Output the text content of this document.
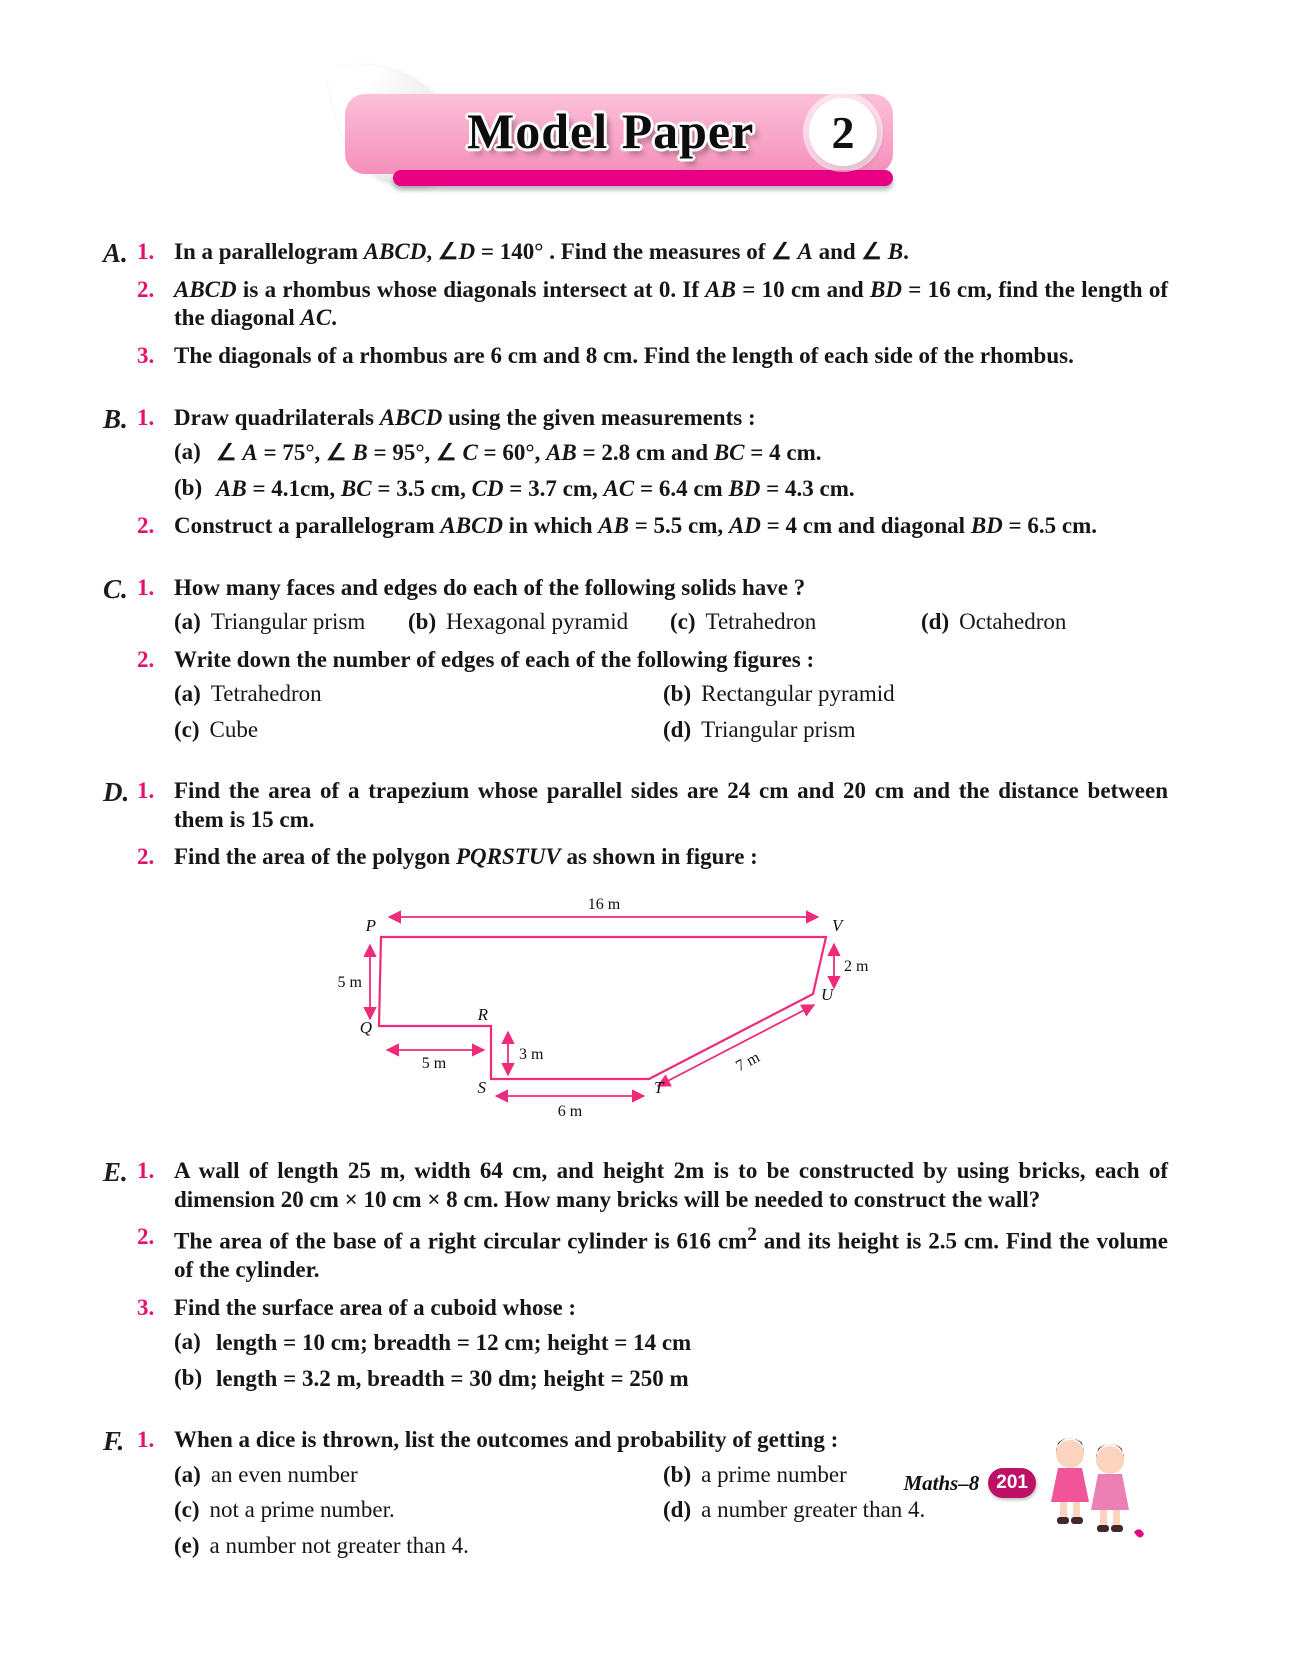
Model Paper	2
A. 1. In a parallelogram ABCD, ∠D = 140° . Find the measures of ∠ A and ∠ B.
2. ABCD is a rhombus whose diagonals intersect at 0. If AB = 10 cm and BD = 16 cm, find the length of the diagonal AC.
3. The diagonals of a rhombus are 6 cm and 8 cm. Find the length of each side of the rhombus.
B. 1. Draw quadrilaterals ABCD using the given measurements :
(a) ∠ A = 75°, ∠ B = 95°, ∠ C = 60°, AB = 2.8 cm and BC = 4 cm.
(b) AB = 4.1cm, BC = 3.5 cm, CD = 3.7 cm, AC = 6.4 cm BD = 4.3 cm.
2. Construct a parallelogram ABCD in which AB = 5.5 cm, AD = 4 cm and diagonal BD = 6.5 cm.
C. 1. How many faces and edges do each of the following solids have ?
(a) Triangular prism	(b) Hexagonal pyramid	(c) Tetrahedron	(d) Octahedron
2. Write down the number of edges of each of the following figures :
(a) Tetrahedron	(b) Rectangular pyramid
(c) Cube	(d) Triangular prism
D. 1. Find the area of a trapezium whose parallel sides are 24 cm and 20 cm and the distance between them is 15 cm.
2. Find the area of the polygon PQRSTUV as shown in figure :
16 m
5 m
2 m
5 m
3 m
6 m
7 m
P	V
U
T
S
R
Q
E. 1. A wall of length 25 m, width 64 cm, and height 2m is to be constructed by using bricks, each of dimension 20 cm × 10 cm × 8 cm. How many bricks will be needed to construct the wall?
2. The area of the base of a right circular cylinder is 616 $cm^2$ and its height is 2.5 cm. Find the volume of the cylinder.
3. Find the surface area of a cuboid whose :
(a) length = 10 cm; breadth = 12 cm; height = 14 cm
(b) length = 3.2 m, breadth = 30 dm; height = 250 m
F. 1. When a dice is thrown, list the outcomes and probability of getting :
(a) an even number	(b) a prime number
(c) not a prime number.	(d) a number greater than 4.
(e) a number not greater than 4.
Maths–8 201
